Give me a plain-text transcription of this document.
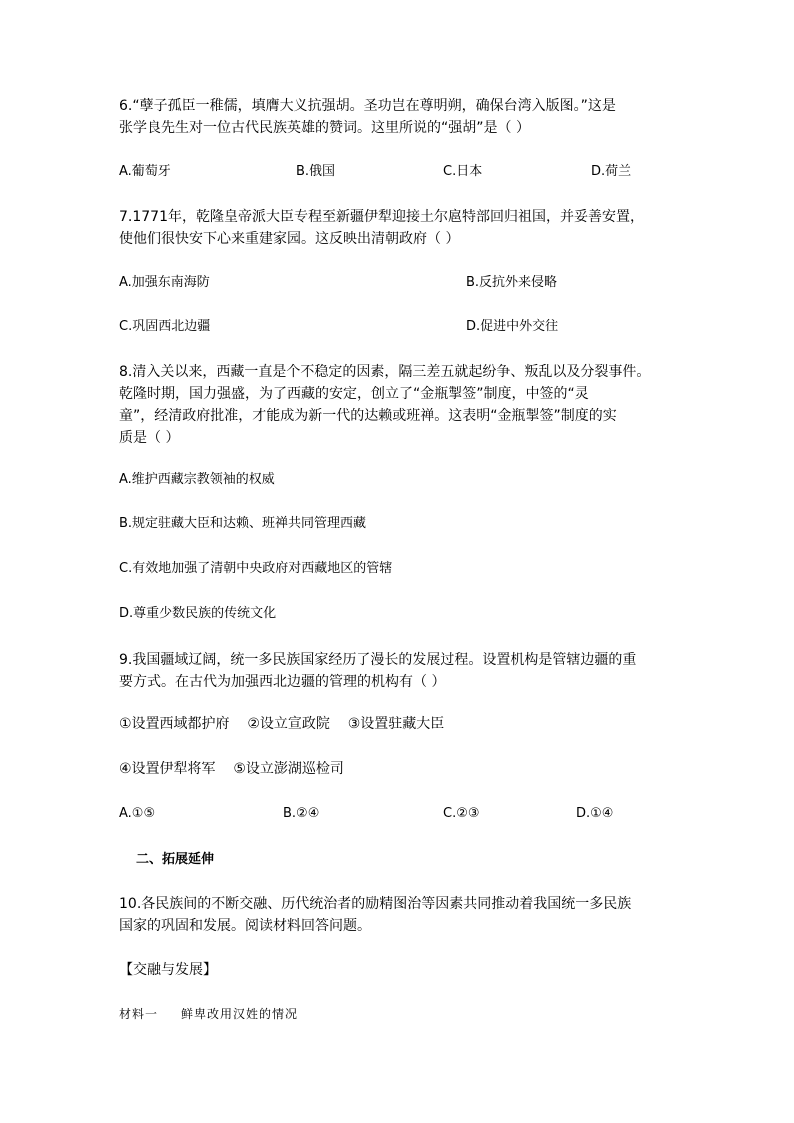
6.“孽子孤臣一稚儒，填膺大义抗强胡。圣功岂在尊明朔，确保台湾入版图。”这是
张学良先生对一位古代民族英雄的赞词。这里所说的“强胡”是（ ）
A.葡萄牙	B.俄国	C.日本	D.荷兰
7.1771年，乾隆皇帝派大臣专程至新疆伊犁迎接土尔扈特部回归祖国，并妥善安置，
使他们很快安下心来重建家园。这反映出清朝政府（ ）
A.加强东南海防	B.反抗外来侵略
C.巩固西北边疆	D.促进中外交往
8.清入关以来，西藏一直是个不稳定的因素，隔三差五就起纷争、叛乱以及分裂事件。
乾隆时期，国力强盛，为了西藏的安定，创立了“金瓶掣签”制度，中签的“灵
童”，经清政府批准，才能成为新一代的达赖或班禅。这表明“金瓶掣签”制度的实
质是（ ）
A.维护西藏宗教领袖的权威
B.规定驻藏大臣和达赖、班禅共同管理西藏
C.有效地加强了清朝中央政府对西藏地区的管辖
D.尊重少数民族的传统文化
9.我国疆域辽阔，统一多民族国家经历了漫长的发展过程。设置机构是管辖边疆的重
要方式。在古代为加强西北边疆的管理的机构有（ ）
①设置西域都护府    ②设立宣政院    ③设置驻藏大臣
④设置伊犁将军    ⑤设立澎湖巡检司
A.①⑤	B.②④	C.②③	D.①④
二、拓展延伸
10.各民族间的不断交融、历代统治者的励精图治等因素共同推动着我国统一多民族
国家的巩固和发展。阅读材料回答问题。
【交融与发展】
材料一 鲜卑改用汉姓的情况
